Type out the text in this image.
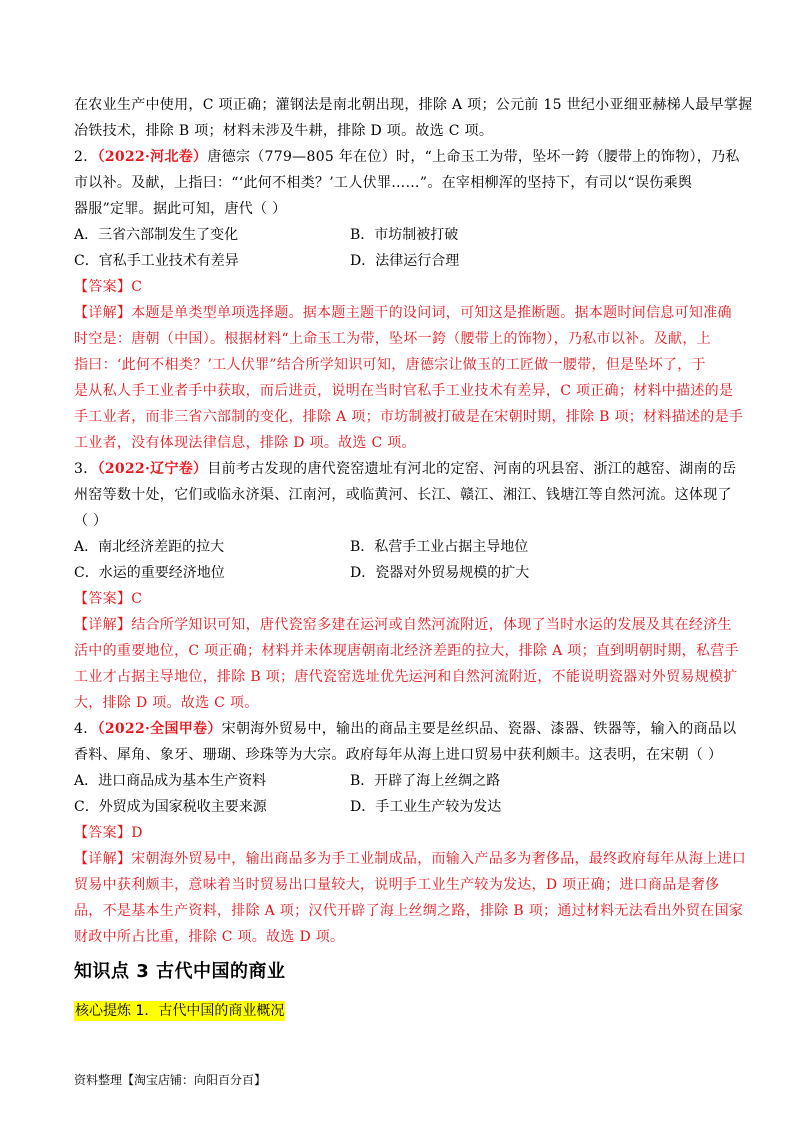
在农业生产中使用，C 项正确；灌钢法是南北朝出现，排除 A 项；公元前 15 世纪小亚细亚赫梯人最早掌握
冶铁技术，排除 B 项；材料未涉及牛耕，排除 D 项。故选 C 项。
2．（2022·河北卷）唐德宗（779—805 年在位）时，“上命玉工为带，坠坏一銙（腰带上的饰物），乃私
市以补。及献，上指曰：“‘此何不相类？’工人伏罪……”。在宰相柳浑的坚持下，有司以“误伤乘舆
器服”定罪。据此可知，唐代（ ）
A．三省六部制发生了变化	B．市坊制被打破
C．官私手工业技术有差异	D．法律运行合理
【答案】C
【详解】本题是单类型单项选择题。据本题主题干的设问词，可知这是推断题。据本题时间信息可知准确
时空是：唐朝（中国）。根据材料“上命玉工为带，坠坏一銙（腰带上的饰物），乃私市以补。及献，上
指曰：‘此何不相类？’工人伏罪”结合所学知识可知，唐德宗让做玉的工匠做一腰带，但是坠坏了，于
是从私人手工业者手中获取，而后进贡，说明在当时官私手工业技术有差异，C 项正确；材料中描述的是
手工业者，而非三省六部制的变化，排除 A 项；市坊制被打破是在宋朝时期，排除 B 项；材料描述的是手
工业者，没有体现法律信息，排除 D 项。故选 C 项。
3．（2022·辽宁卷）目前考古发现的唐代瓷窑遗址有河北的定窑、河南的巩县窑、浙江的越窑、湖南的岳
州窑等数十处，它们或临永济渠、江南河，或临黄河、长江、赣江、湘江、钱塘江等自然河流。这体现了
（ ）
A．南北经济差距的拉大	B．私营手工业占据主导地位
C．水运的重要经济地位	D．瓷器对外贸易规模的扩大
【答案】C
【详解】结合所学知识可知，唐代瓷窑多建在运河或自然河流附近，体现了当时水运的发展及其在经济生
活中的重要地位，C 项正确；材料并未体现唐朝南北经济差距的拉大，排除 A 项；直到明朝时期，私营手
工业才占据主导地位，排除 B 项；唐代瓷窑选址优先运河和自然河流附近，不能说明瓷器对外贸易规模扩
大，排除 D 项。故选 C 项。
4．（2022·全国甲卷）宋朝海外贸易中，输出的商品主要是丝织品、瓷器、漆器、铁器等，输入的商品以
香料、犀角、象牙、珊瑚、珍珠等为大宗。政府每年从海上进口贸易中获利颇丰。这表明，在宋朝（ ）
A．进口商品成为基本生产资料	B．开辟了海上丝绸之路
C．外贸成为国家税收主要来源	D．手工业生产较为发达
【答案】D
【详解】宋朝海外贸易中，输出商品多为手工业制成品，而输入产品多为奢侈品，最终政府每年从海上进口
贸易中获利颇丰，意味着当时贸易出口量较大，说明手工业生产较为发达，D 项正确；进口商品是奢侈
品，不是基本生产资料，排除 A 项；汉代开辟了海上丝绸之路，排除 B 项；通过材料无法看出外贸在国家
财政中所占比重，排除 C 项。故选 D 项。
知识点 3 古代中国的商业
核心提炼 1．古代中国的商业概况
资料整理【淘宝店铺：向阳百分百】
